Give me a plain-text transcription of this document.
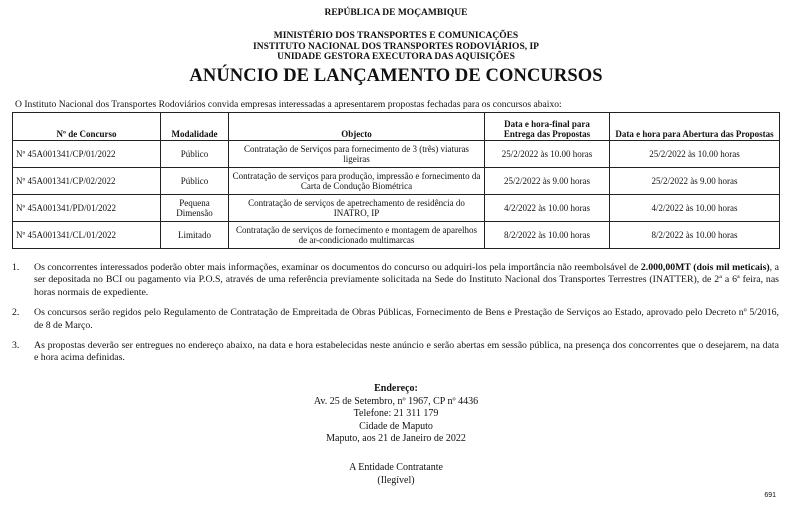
REPÚBLICA DE MOÇAMBIQUE
MINISTÉRIO DOS TRANSPORTES E COMUNICAÇÕES
INSTITUTO NACIONAL DOS TRANSPORTES RODOVIÁRIOS, IP
UNIDADE GESTORA EXECUTORA DAS AQUISIÇÕES
ANÚNCIO DE LANÇAMENTO DE CONCURSOS
O Instituto Nacional dos Transportes Rodoviários convida empresas interessadas a apresentarem propostas fechadas para os concursos abaixo:
Nº de Concurso	Modalidade	Objecto	Data e hora-final para Entrega das Propostas	Data e hora para Abertura das Propostas
Nº 45A001341/CP/01/2022	Público	Contratação de Serviços para fornecimento de 3 (três) viaturas ligeiras	25/2/2022 às 10.00 horas	25/2/2022 às 10.00 horas
Nº 45A001341/CP/02/2022	Público	Contratação de serviços para produção, impressão e fornecimento da Carta de Condução Biométrica	25/2/2022 às 9.00 horas	25/2/2022 às 9.00 horas
Nº 45A001341/PD/01/2022	Pequena Dimensão	Contratação de serviços de apetrechamento de residência do INATRO, IP	4/2/2022 às 10.00 horas	4/2/2022 às 10.00 horas
Nº 45A001341/CL/01/2022	Limitado	Contratação de serviços de fornecimento e montagem de aparelhos de ar-condicionado multimarcas	8/2/2022 às 10.00 horas	8/2/2022 às 10.00 horas
1. Os concorrentes interessados poderão obter mais informações, examinar os documentos do concurso ou adquiri-los pela importância não reembolsável de 2.000,00MT (dois mil meticais), a ser depositada no BCI ou pagamento via P.O.S, através de uma referência previamente solicitada na Sede do Instituto Nacional dos Transportes Terrestres (INATTER), de 2ª a 6ª feira, nas horas normais de expediente.
2. Os concursos serão regidos pelo Regulamento de Contratação de Empreitada de Obras Públicas, Fornecimento de Bens e Prestação de Serviços ao Estado, aprovado pelo Decreto nº 5/2016, de 8 de Março.
3. As propostas deverão ser entregues no endereço abaixo, na data e hora estabelecidas neste anúncio e serão abertas em sessão pública, na presença dos concorrentes que o desejarem, na data e hora acima definidas.
Endereço:
Av. 25 de Setembro, nº 1967, CP nº 4436
Telefone: 21 311 179
Cidade de Maputo
Maputo, aos 21 de Janeiro de 2022
A Entidade Contratante
(Ilegível)
691
